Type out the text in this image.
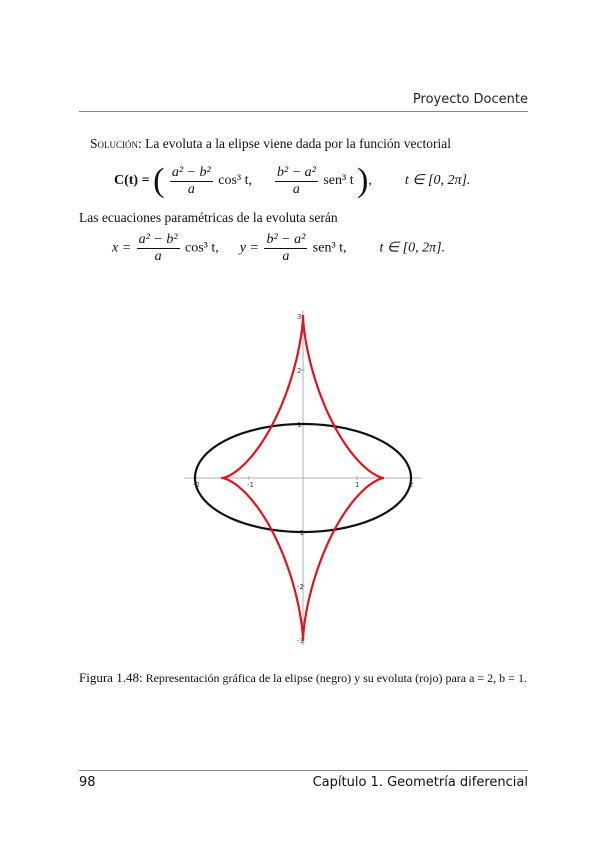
Proyecto Docente
Solución: La evoluta a la elipse viene dada por la función vectorial
C(t) = ( $\frac{\text{a² − b²}}{a} \cos^3$ t, $\frac{\text{b² − a²}}{a} sen^3$ t ),  t ∈ [0, 2π].
Las ecuaciones paramétricas de la evoluta serán
$x = \frac{\text{a² − b²}}{a} \cos^3$ t, $y = \frac{\text{b² − a²}}{a} sen^3$ t, t ∈ [0, 2π].
-2	-1	1	2
-3
-2
-1
1
2
3
Figura 1.48: Representación gráfica de la elipse (negro) y su evoluta (rojo) para a = 2, b = 1.
98	Capítulo 1. Geometría diferencial
